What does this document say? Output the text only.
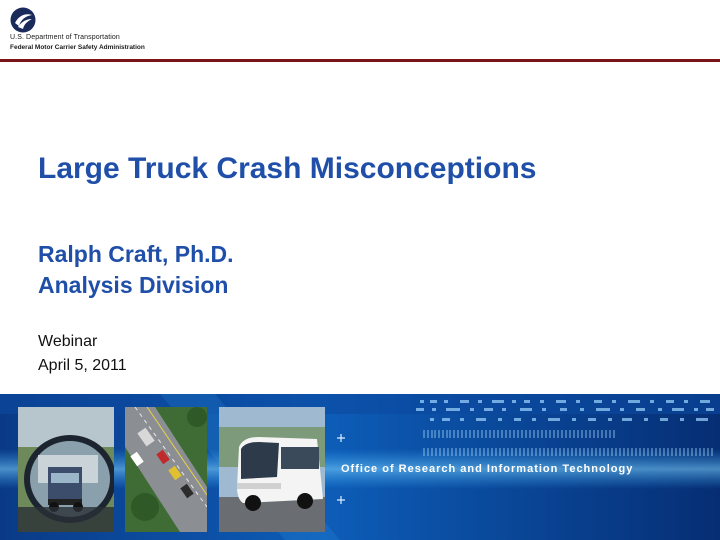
U.S. Department of Transportation
Federal Motor Carrier Safety Administration
Large Truck Crash Misconceptions
Ralph Craft, Ph.D.
Analysis Division
Webinar
April 5, 2011
Office of Research and Information Technology
